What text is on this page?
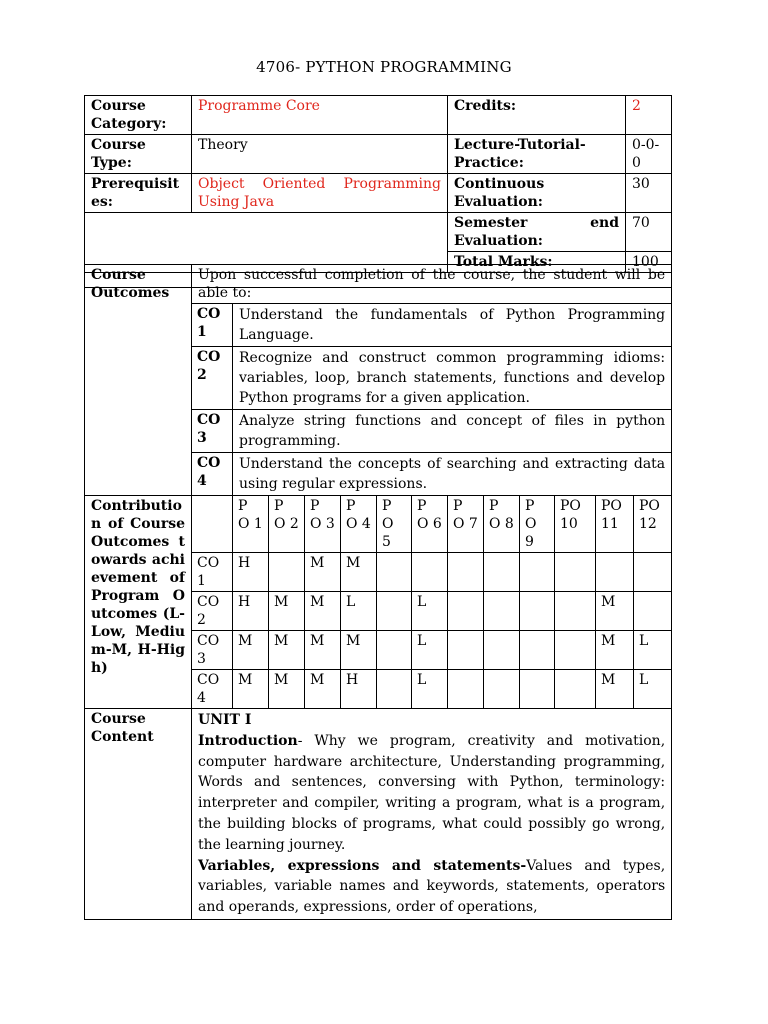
4706- PYTHON PROGRAMMING
Course Category:	Programme Core	Credits:	2
Course Type:	Theory	Lecture-Tutorial-Practice:	0-0-0
Prerequisites:	Object Oriented Programming Using Java	Continuous Evaluation:	30
		Semester end Evaluation:	70
		Total Marks:	100

Course Outcomes	Upon successful completion of the course, the student will be able to:												
	CO 1	Understand the fundamentals of Python Programming Language.											
	CO 2	Recognize and construct common programming idioms: variables, loop, branch statements, functions and develop Python programs for a given application.											
	CO 3	Analyze string functions and concept of files in python programming.											
	CO 4	Understand the concepts of searching and extracting data using regular expressions.											
Contribution of Course Outcomes towards achievement of Program Outcomes (L-Low, Medium-M, H-High)		P O 1	P O 2	P O 3	P O 4	P O 5	P O 6	P O 7	P O 8	P O 9	PO 10	PO 11	PO 12
	CO 1	H		M	M								
	CO 2	H	M	M	L		L					M	
	CO 3	M	M	M	M		L					M	L
	CO 4	M	M	M	H		L					M	L
Course Content	UNIT I
Introduction- Why we program, creativity and motivation, computer hardware architecture, Understanding programming, Words and sentences, conversing with Python, terminology: interpreter and compiler, writing a program, what is a program, the building blocks of programs, what could possibly go wrong, the learning journey.
Variables, expressions and statements-Values and types, variables, variable names and keywords, statements, operators and operands, expressions, order of operations,												
